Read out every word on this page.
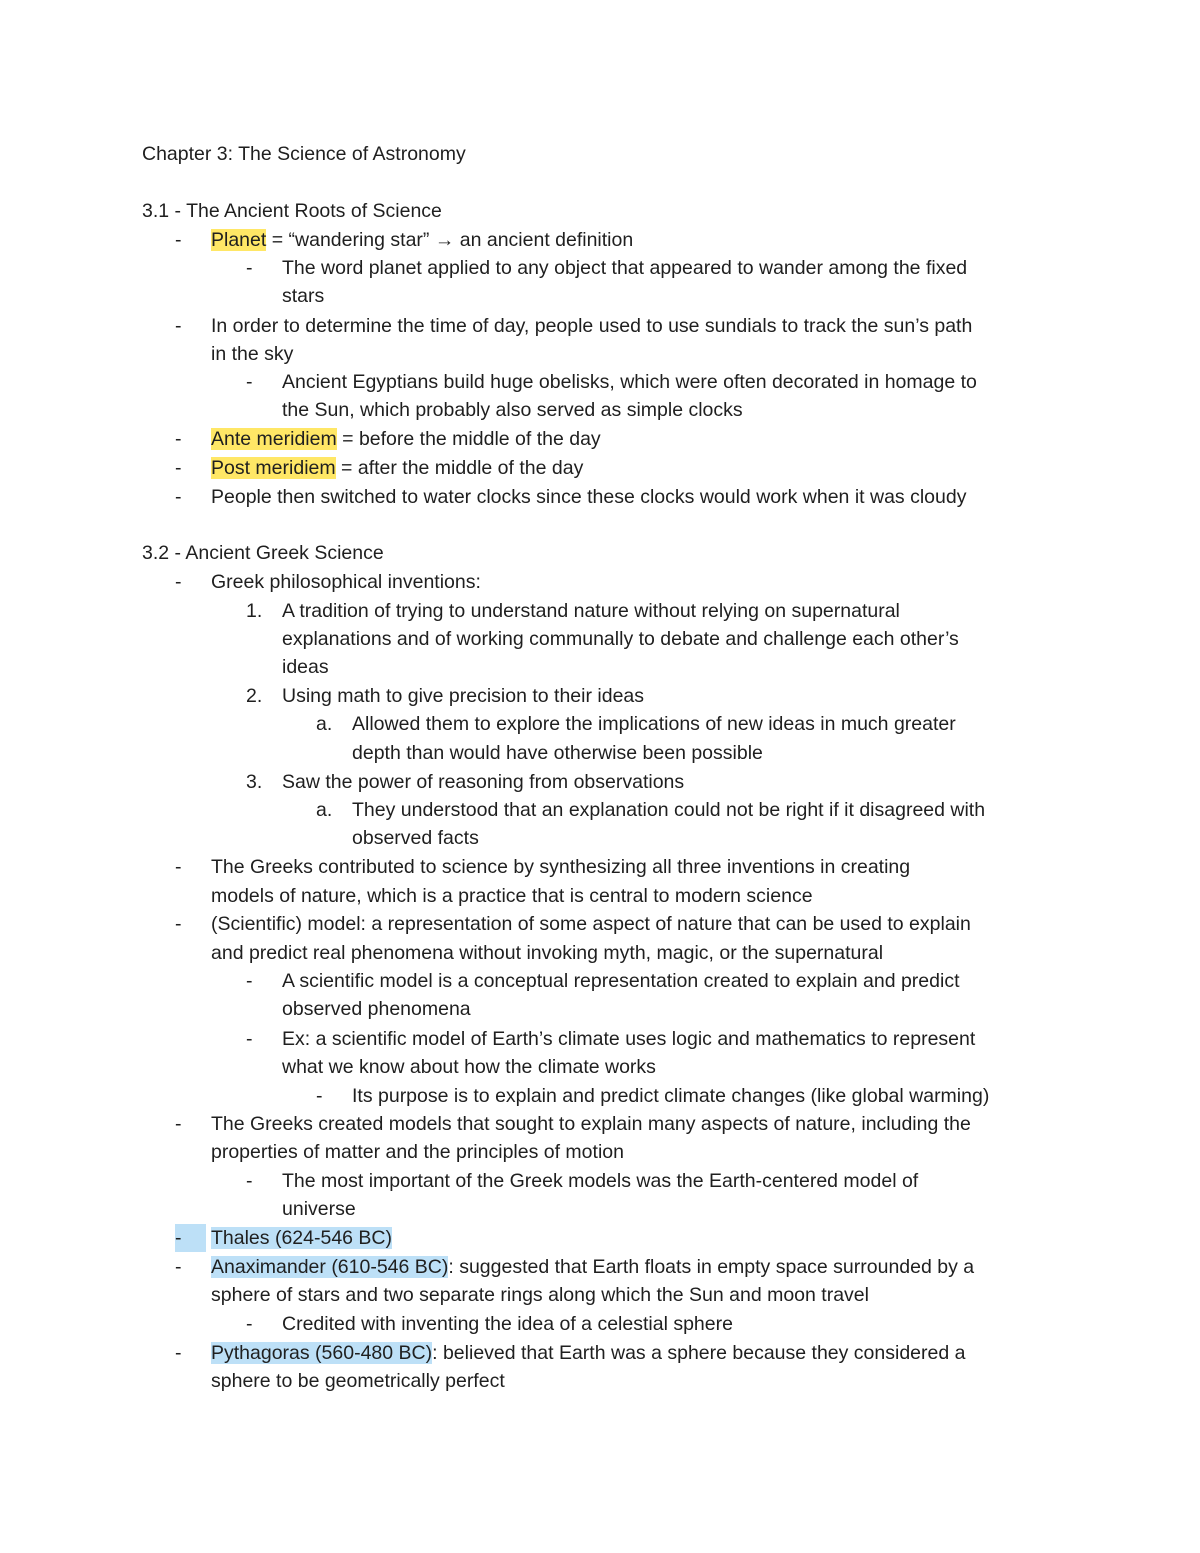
Chapter 3: The Science of Astronomy
3.1 - The Ancient Roots of Science
- Planet = “wandering star” → an ancient definition
- The word planet applied to any object that appeared to wander among the fixed
stars
- In order to determine the time of day, people used to use sundials to track the sun’s path
in the sky
- Ancient Egyptians build huge obelisks, which were often decorated in homage to
the Sun, which probably also served as simple clocks
- Ante meridiem = before the middle of the day
- Post meridiem = after the middle of the day
- People then switched to water clocks since these clocks would work when it was cloudy
3.2 - Ancient Greek Science
- Greek philosophical inventions:
1. A tradition of trying to understand nature without relying on supernatural
explanations and of working communally to debate and challenge each other’s
ideas
2. Using math to give precision to their ideas
a. Allowed them to explore the implications of new ideas in much greater
depth than would have otherwise been possible
3. Saw the power of reasoning from observations
a. They understood that an explanation could not be right if it disagreed with
observed facts
- The Greeks contributed to science by synthesizing all three inventions in creating
models of nature, which is a practice that is central to modern science
- (Scientific) model: a representation of some aspect of nature that can be used to explain
and predict real phenomena without invoking myth, magic, or the supernatural
- A scientific model is a conceptual representation created to explain and predict
observed phenomena
- Ex: a scientific model of Earth’s climate uses logic and mathematics to represent
what we know about how the climate works
- Its purpose is to explain and predict climate changes (like global warming)
- The Greeks created models that sought to explain many aspects of nature, including the
properties of matter and the principles of motion
- The most important of the Greek models was the Earth-centered model of
universe
-	Thales (624-546 BC)
- Anaximander (610-546 BC): suggested that Earth floats in empty space surrounded by a
sphere of stars and two separate rings along which the Sun and moon travel
- Credited with inventing the idea of a celestial sphere
- Pythagoras (560-480 BC): believed that Earth was a sphere because they considered a
sphere to be geometrically perfect
